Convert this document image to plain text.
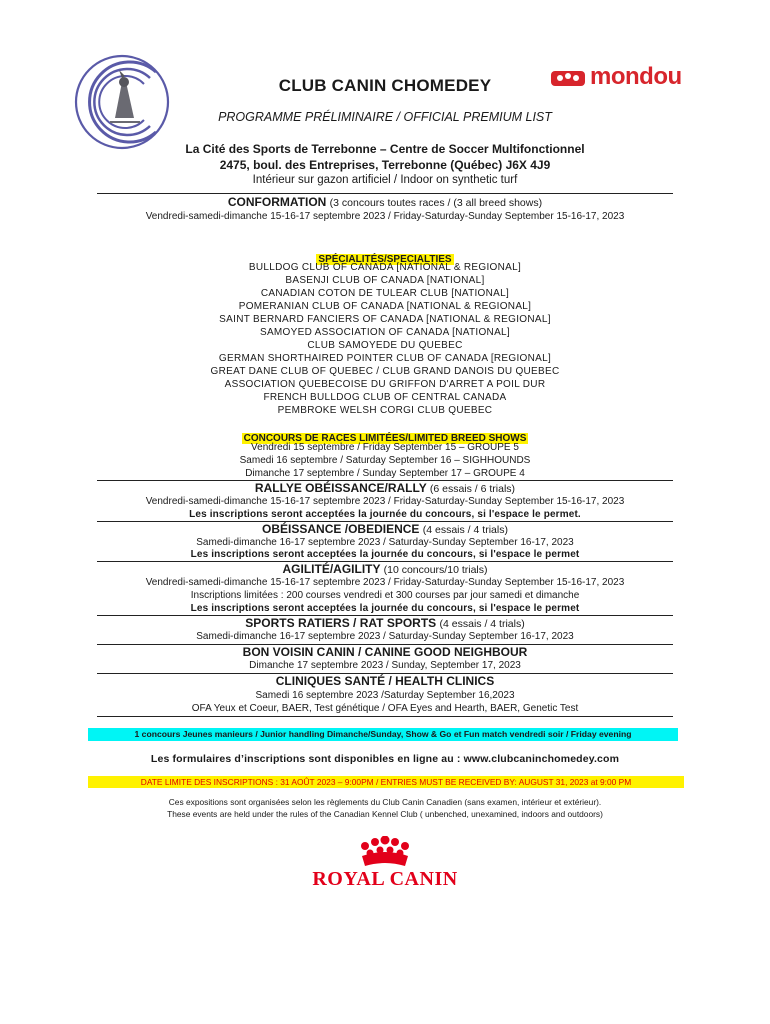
mondou
CLUB CANIN CHOMEDEY
PROGRAMME PRÉLIMINAIRE / OFFICIAL PREMIUM LIST
La Cité des Sports de Terrebonne – Centre de Soccer Multifonctionnel
2475, boul. des Entreprises, Terrebonne (Québec) J6X 4J9
Intérieur sur gazon artificiel / Indoor on synthetic turf
CONFORMATION (3 concours toutes races / (3 all breed shows)
Vendredi-samedi-dimanche 15-16-17 septembre 2023 / Friday-Saturday-Sunday September 15-16-17, 2023
SPÉCIALITÉS/SPECIALTIES
BULLDOG CLUB OF CANADA [NATIONAL & REGIONAL]
BASENJI CLUB OF CANADA [NATIONAL]
CANADIAN COTON DE TULEAR CLUB [NATIONAL]
POMERANIAN CLUB OF CANADA [NATIONAL & REGIONAL]
SAINT BERNARD FANCIERS OF CANADA [NATIONAL & REGIONAL]
SAMOYED ASSOCIATION OF CANADA [NATIONAL]
CLUB SAMOYEDE DU QUEBEC
GERMAN SHORTHAIRED POINTER CLUB OF CANADA [REGIONAL]
GREAT DANE CLUB OF QUEBEC / CLUB GRAND DANOIS DU QUEBEC
ASSOCIATION QUEBECOISE DU GRIFFON D'ARRET A POIL DUR
FRENCH BULLDOG CLUB OF CENTRAL CANADA
PEMBROKE WELSH CORGI CLUB QUEBEC
CONCOURS DE RACES LIMITÉES/LIMITED BREED SHOWS
Vendredi 15 septembre / Friday September 15 – GROUPE 5
Samedi 16 septembre / Saturday September 16 – SIGHHOUNDS
Dimanche 17 septembre / Sunday September 17 – GROUPE 4
RALLYE OBÉISSANCE/RALLY (6 essais / 6 trials)
Vendredi-samedi-dimanche 15-16-17 septembre 2023 / Friday-Saturday-Sunday September 15-16-17, 2023
Les inscriptions seront acceptées la journée du concours, si l'espace le permet.
OBÉISSANCE /OBEDIENCE (4 essais / 4 trials)
Samedi-dimanche 16-17 septembre 2023 / Saturday-Sunday September 16-17, 2023
Les inscriptions seront acceptées la journée du concours, si l'espace le permet
AGILITÉ/AGILITY (10 concours/10 trials)
Vendredi-samedi-dimanche 15-16-17 septembre 2023 / Friday-Saturday-Sunday September 15-16-17, 2023
Inscriptions limitées : 200 courses vendredi et 300 courses par jour samedi et dimanche
Les inscriptions seront acceptées la journée du concours, si l'espace le permet
SPORTS RATIERS / RAT SPORTS (4 essais / 4 trials)
Samedi-dimanche 16-17 septembre 2023 / Saturday-Sunday September 16-17, 2023
BON VOISIN CANIN / CANINE GOOD NEIGHBOUR
Dimanche 17 septembre 2023 / Sunday, September 17, 2023
CLINIQUES SANTÉ / HEALTH CLINICS
Samedi 16 septembre 2023 /Saturday September 16,2023
OFA Yeux et Coeur, BAER, Test génétique / OFA Eyes and Hearth, BAER, Genetic Test
1 concours Jeunes manieurs / Junior handling Dimanche/Sunday, Show & Go et Fun match vendredi soir / Friday evening
Les formulaires d’inscriptions sont disponibles en ligne au : www.clubcaninchomedey.com
DATE LIMITE DES INSCRIPTIONS : 31 AOÛT 2023 – 9:00PM / ENTRIES MUST BE RECEIVED BY: AUGUST 31, 2023 at 9:00 PM
Ces expositions sont organisées selon les règlements du Club Canin Canadien (sans examen, intérieur et extérieur).
These events are held under the rules of the Canadian Kennel Club ( unbenched, unexamined, indoors and outdoors)
ROYAL CANIN
